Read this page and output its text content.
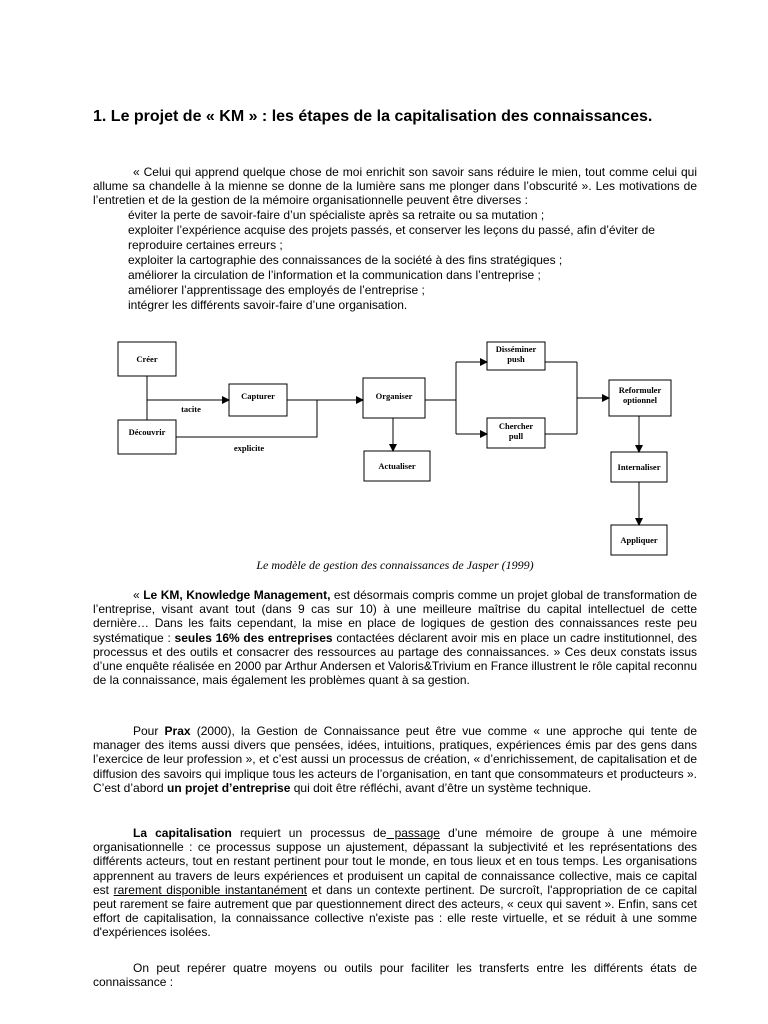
1. Le projet de « KM » : les étapes de la capitalisation des connaissances.

« Celui qui apprend quelque chose de moi enrichit son savoir sans réduire le mien, tout comme celui qui allume sa chandelle à la mienne se donne de la lumière sans me plonger dans l’obscurité ». Les motivations de l’entretien et de la gestion de la mémoire organisationnelle peuvent être diverses :

éviter la perte de savoir-faire d’un spécialiste après sa retraite ou sa mutation ;

exploiter l’expérience acquise des projets passés, et conserver les leçons du passé, afin d’éviter de

reproduire certaines erreurs ;

exploiter la cartographie des connaissances de la société à des fins stratégiques ;

améliorer la circulation de l’information et la communication dans l’entreprise ;

améliorer l’apprentissage des employés de l’entreprise ;

intégrer les différents savoir-faire d’une organisation.

Créer
Découvrir
Capturer	Organiser
Actualiser
Disséminer
push
Chercher
pull
Reformuler
optionnel
Internaliser
Appliquer
tacite
explicite
Le modèle de gestion des connaissances de Jasper (1999)

« Le KM, Knowledge Management, est désormais compris comme un projet global de transformation de l’entreprise, visant avant tout (dans 9 cas sur 10) à une meilleure maîtrise du capital intellectuel de cette dernière… Dans les faits cependant, la mise en place de logiques de gestion des connaissances reste peu systématique : seules 16% des entreprises contactées déclarent avoir mis en place un cadre institutionnel, des processus et des outils et consacrer des ressources au partage des connaissances. » Ces deux constats issus d’une enquête réalisée en 2000 par Arthur Andersen et Valoris&Trivium en France illustrent le rôle capital reconnu de la connaissance, mais également les problèmes quant à sa gestion.

Pour Prax (2000), la Gestion de Connaissance peut être vue comme « une approche qui tente de manager des items aussi divers que pensées, idées, intuitions, pratiques, expériences émis par des gens dans l’exercice de leur profession », et c’est aussi un processus de création, « d’enrichissement, de capitalisation et de diffusion des savoirs qui implique tous les acteurs de l’organisation, en tant que consommateurs et producteurs ». C’est d’abord un projet d’entreprise qui doit être réfléchi, avant d’être un système technique.

La capitalisation requiert un processus de passage d’une mémoire de groupe à une mémoire organisationnelle : ce processus suppose un ajustement, dépassant la subjectivité et les représentations des différents acteurs, tout en restant pertinent pour tout le monde, en tous lieux et en tous temps. Les organisations apprennent au travers de leurs expériences et produisent un capital de connaissance collective, mais ce capital est rarement disponible instantanément et dans un contexte pertinent. De surcroît, l'appropriation de ce capital peut rarement se faire autrement que par questionnement direct des acteurs, « ceux qui savent ». Enfin, sans cet effort de capitalisation, la connaissance collective n'existe pas : elle reste virtuelle, et se réduit à une somme d'expériences isolées.

On peut repérer quatre moyens ou outils pour faciliter les transferts entre les différents états de connaissance :
